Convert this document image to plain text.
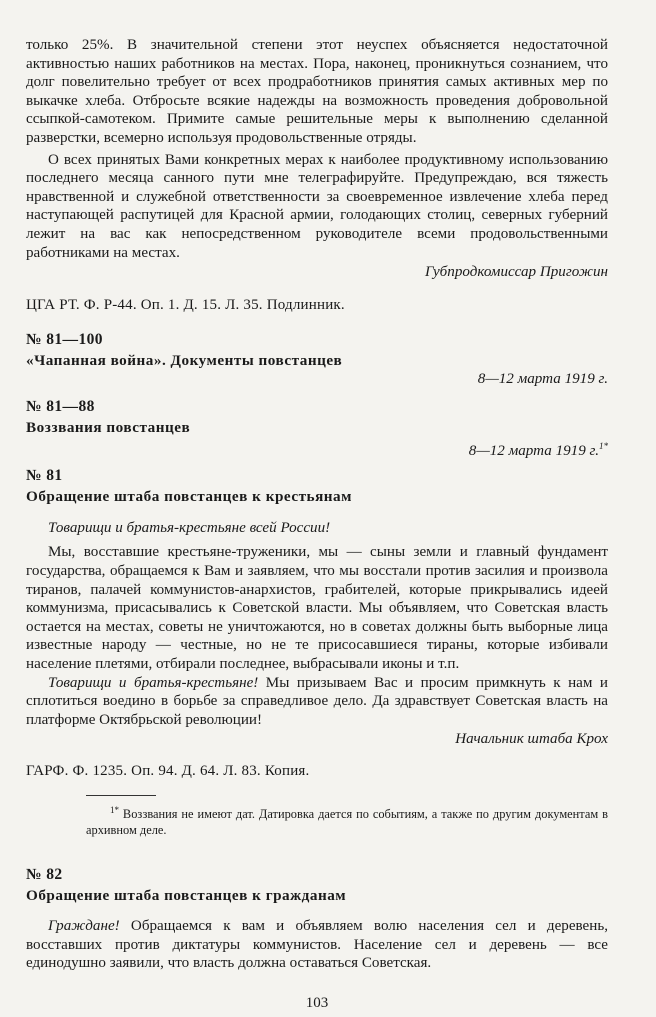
только 25%. В значительной степени этот неуспех объясняется недостаточной активностью наших работников на местах. Пора, наконец, проникнуться сознанием, что долг повелительно требует от всех продработников принятия самых активных мер по выкачке хлеба. Отбросьте всякие надежды на возможность проведения добровольной ссыпкой-самотеком. Примите самые решительные меры к выполнению сделанной разверстки, всемерно используя продовольственные отряды.

О всех принятых Вами конкретных мерах к наиболее продуктивному использованию последнего месяца санного пути мне телеграфируйте. Предупреждаю, вся тяжесть нравственной и служебной ответственности за своевременное извлечение хлеба перед наступающей распутицей для Красной армии, голодающих столиц, северных губерний лежит на вас как непосредственном руководителе всеми продовольственными работниками на местах.

Губпродкомиссар Пригожин

ЦГА РТ. Ф. Р-44. Оп. 1. Д. 15. Л. 35. Подлинник.

№ 81—100

«Чапанная война». Документы повстанцев

8—12 марта 1919 г.

№ 81—88

Воззвания повстанцев

8—12 марта 1919 г.$^{1*}$

№ 81

Обращение штаба повстанцев к крестьянам

Товарищи и братья-крестьяне всей России!

Мы, восставшие крестьяне-труженики, мы — сыны земли и главный фундамент государства, обращаемся к Вам и заявляем, что мы восстали против засилия и произвола тиранов, палачей коммунистов-анархистов, грабителей, которые прикрывались идеей коммунизма, присасывались к Советской власти. Мы объявляем, что Советская власть остается на местах, советы не уничтожаются, но в советах должны быть выборные лица известные народу — честные, но не те присосавшиеся тираны, которые избивали население плетями, отбирали последнее, выбрасывали иконы и т.п.

Товарищи и братья-крестьяне! Мы призываем Вас и просим примкнуть к нам и сплотиться воедино в борьбе за справедливое дело. Да здравствует Советская власть на платформе Октябрьской революции!

Начальник штаба Крох

ГАРФ. Ф. 1235. Оп. 94. Д. 64. Л. 83. Копия.

$^{1*}$ Воззвания не имеют дат. Датировка дается по событиям, а также по другим документам в архивном деле.

№ 82

Обращение штаба повстанцев к гражданам

Граждане! Обращаемся к вам и объявляем волю населения сел и деревень, восставших против диктатуры коммунистов. Население сел и деревень — все единодушно заявили, что власть должна оставаться Советская.

103
